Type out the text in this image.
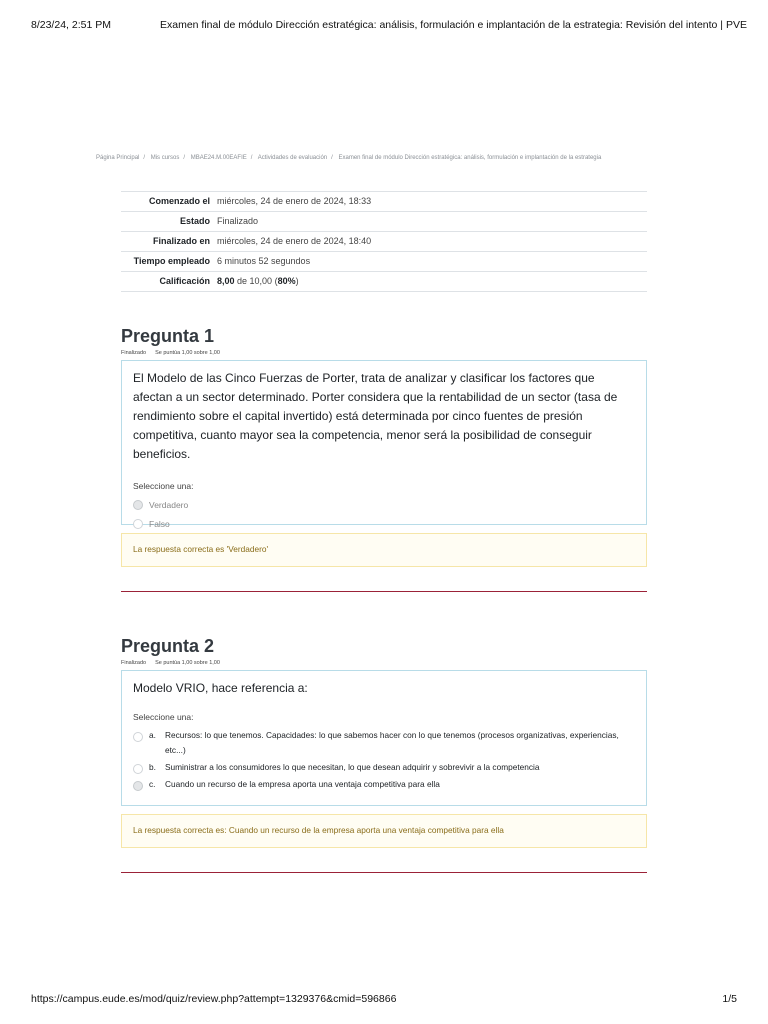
8/23/24, 2:51 PM	Examen final de módulo Dirección estratégica: análisis, formulación e implantación de la estrategia: Revisión del intento | PVE
Página Principal / Mis cursos / MBAE24.M.00EAFIE / Actividades de evaluación / Examen final de módulo Dirección estratégica: análisis, formulación e implantación de la estrategia
Comenzado el	miércoles, 24 de enero de 2024, 18:33
Estado	Finalizado
Finalizado en	miércoles, 24 de enero de 2024, 18:40
Tiempo empleado	6 minutos 52 segundos
Calificación	8,00 de 10,00 (80%)
Pregunta 1
Finalizado Se puntúa 1,00 sobre 1,00
El Modelo de las Cinco Fuerzas de Porter, trata de analizar y clasificar los factores que afectan a un sector determinado. Porter considera que la rentabilidad de un sector (tasa de rendimiento sobre el capital invertido) está determinada por cinco fuentes de presión competitiva, cuanto mayor sea la competencia, menor será la posibilidad de conseguir beneficios.
Seleccione una:
Verdadero
Falso
La respuesta correcta es 'Verdadero'
Pregunta 2
Finalizado Se puntúa 1,00 sobre 1,00
Modelo VRIO, hace referencia a:
Seleccione una:
a.	Recursos: lo que tenemos. Capacidades: lo que sabemos hacer con lo que tenemos (procesos organizativas, experiencias, etc...)
b.	Suministrar a los consumidores lo que necesitan, lo que desean adquirir y sobrevivir a la competencia
c.	Cuando un recurso de la empresa aporta una ventaja competitiva para ella
La respuesta correcta es: Cuando un recurso de la empresa aporta una ventaja competitiva para ella
https://campus.eude.es/mod/quiz/review.php?attempt=1329376&cmid=596866	1/5
